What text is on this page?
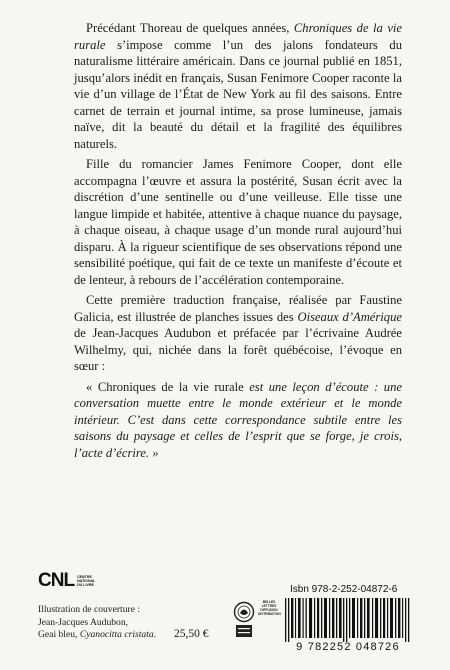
Précédant Thoreau de quelques années, Chroniques de la vie rurale s’impose comme l’un des jalons fondateurs du naturalisme littéraire américain. Dans ce journal publié en 1851, jusqu’alors inédit en français, Susan Fenimore Cooper raconte la vie d’un village de l’État de New York au fil des saisons. Entre carnet de terrain et journal intime, sa prose lumineuse, jamais naïve, dit la beauté du détail et la fragilité des équilibres naturels.

Fille du romancier James Fenimore Cooper, dont elle accompagna l’œuvre et assura la postérité, Susan écrit avec la discrétion d’une sentinelle ou d’une veilleuse. Elle tisse une langue limpide et habitée, attentive à chaque nuance du paysage, à chaque oiseau, à chaque usage d’un monde rural aujourd’hui disparu. À la rigueur scientifique de ses observations répond une sensibilité poétique, qui fait de ce texte un manifeste d’écoute et de lenteur, à rebours de l’accélération contemporaine.

Cette première traduction française, réalisée par Faustine Galicia, est illustrée de planches issues des Oiseaux d’Amérique de Jean-Jacques Audubon et préfacée par l’écrivaine Audrée Wilhelmy, qui, nichée dans la forêt québécoise, l’évoque en sœur :

« Chroniques de la vie rurale est une leçon d’écoute : une conversation muette entre le monde extérieur et le monde intérieur. C’est dans cette correspondance subtile entre les saisons du paysage et celles de l’esprit que se forge, je crois, l’acte d’écrire. »

CNL CENTRE NATIONAL DU LIVRE
Illustration de couverture :
Jean-Jacques Audubon,
Geai bleu, Cyanocitta cristata.	25,50 €
Isbn 978-2-252-04872-6
BELLES LETTRES DIFFUSION DISTRIBUTION
9 782252 048726
